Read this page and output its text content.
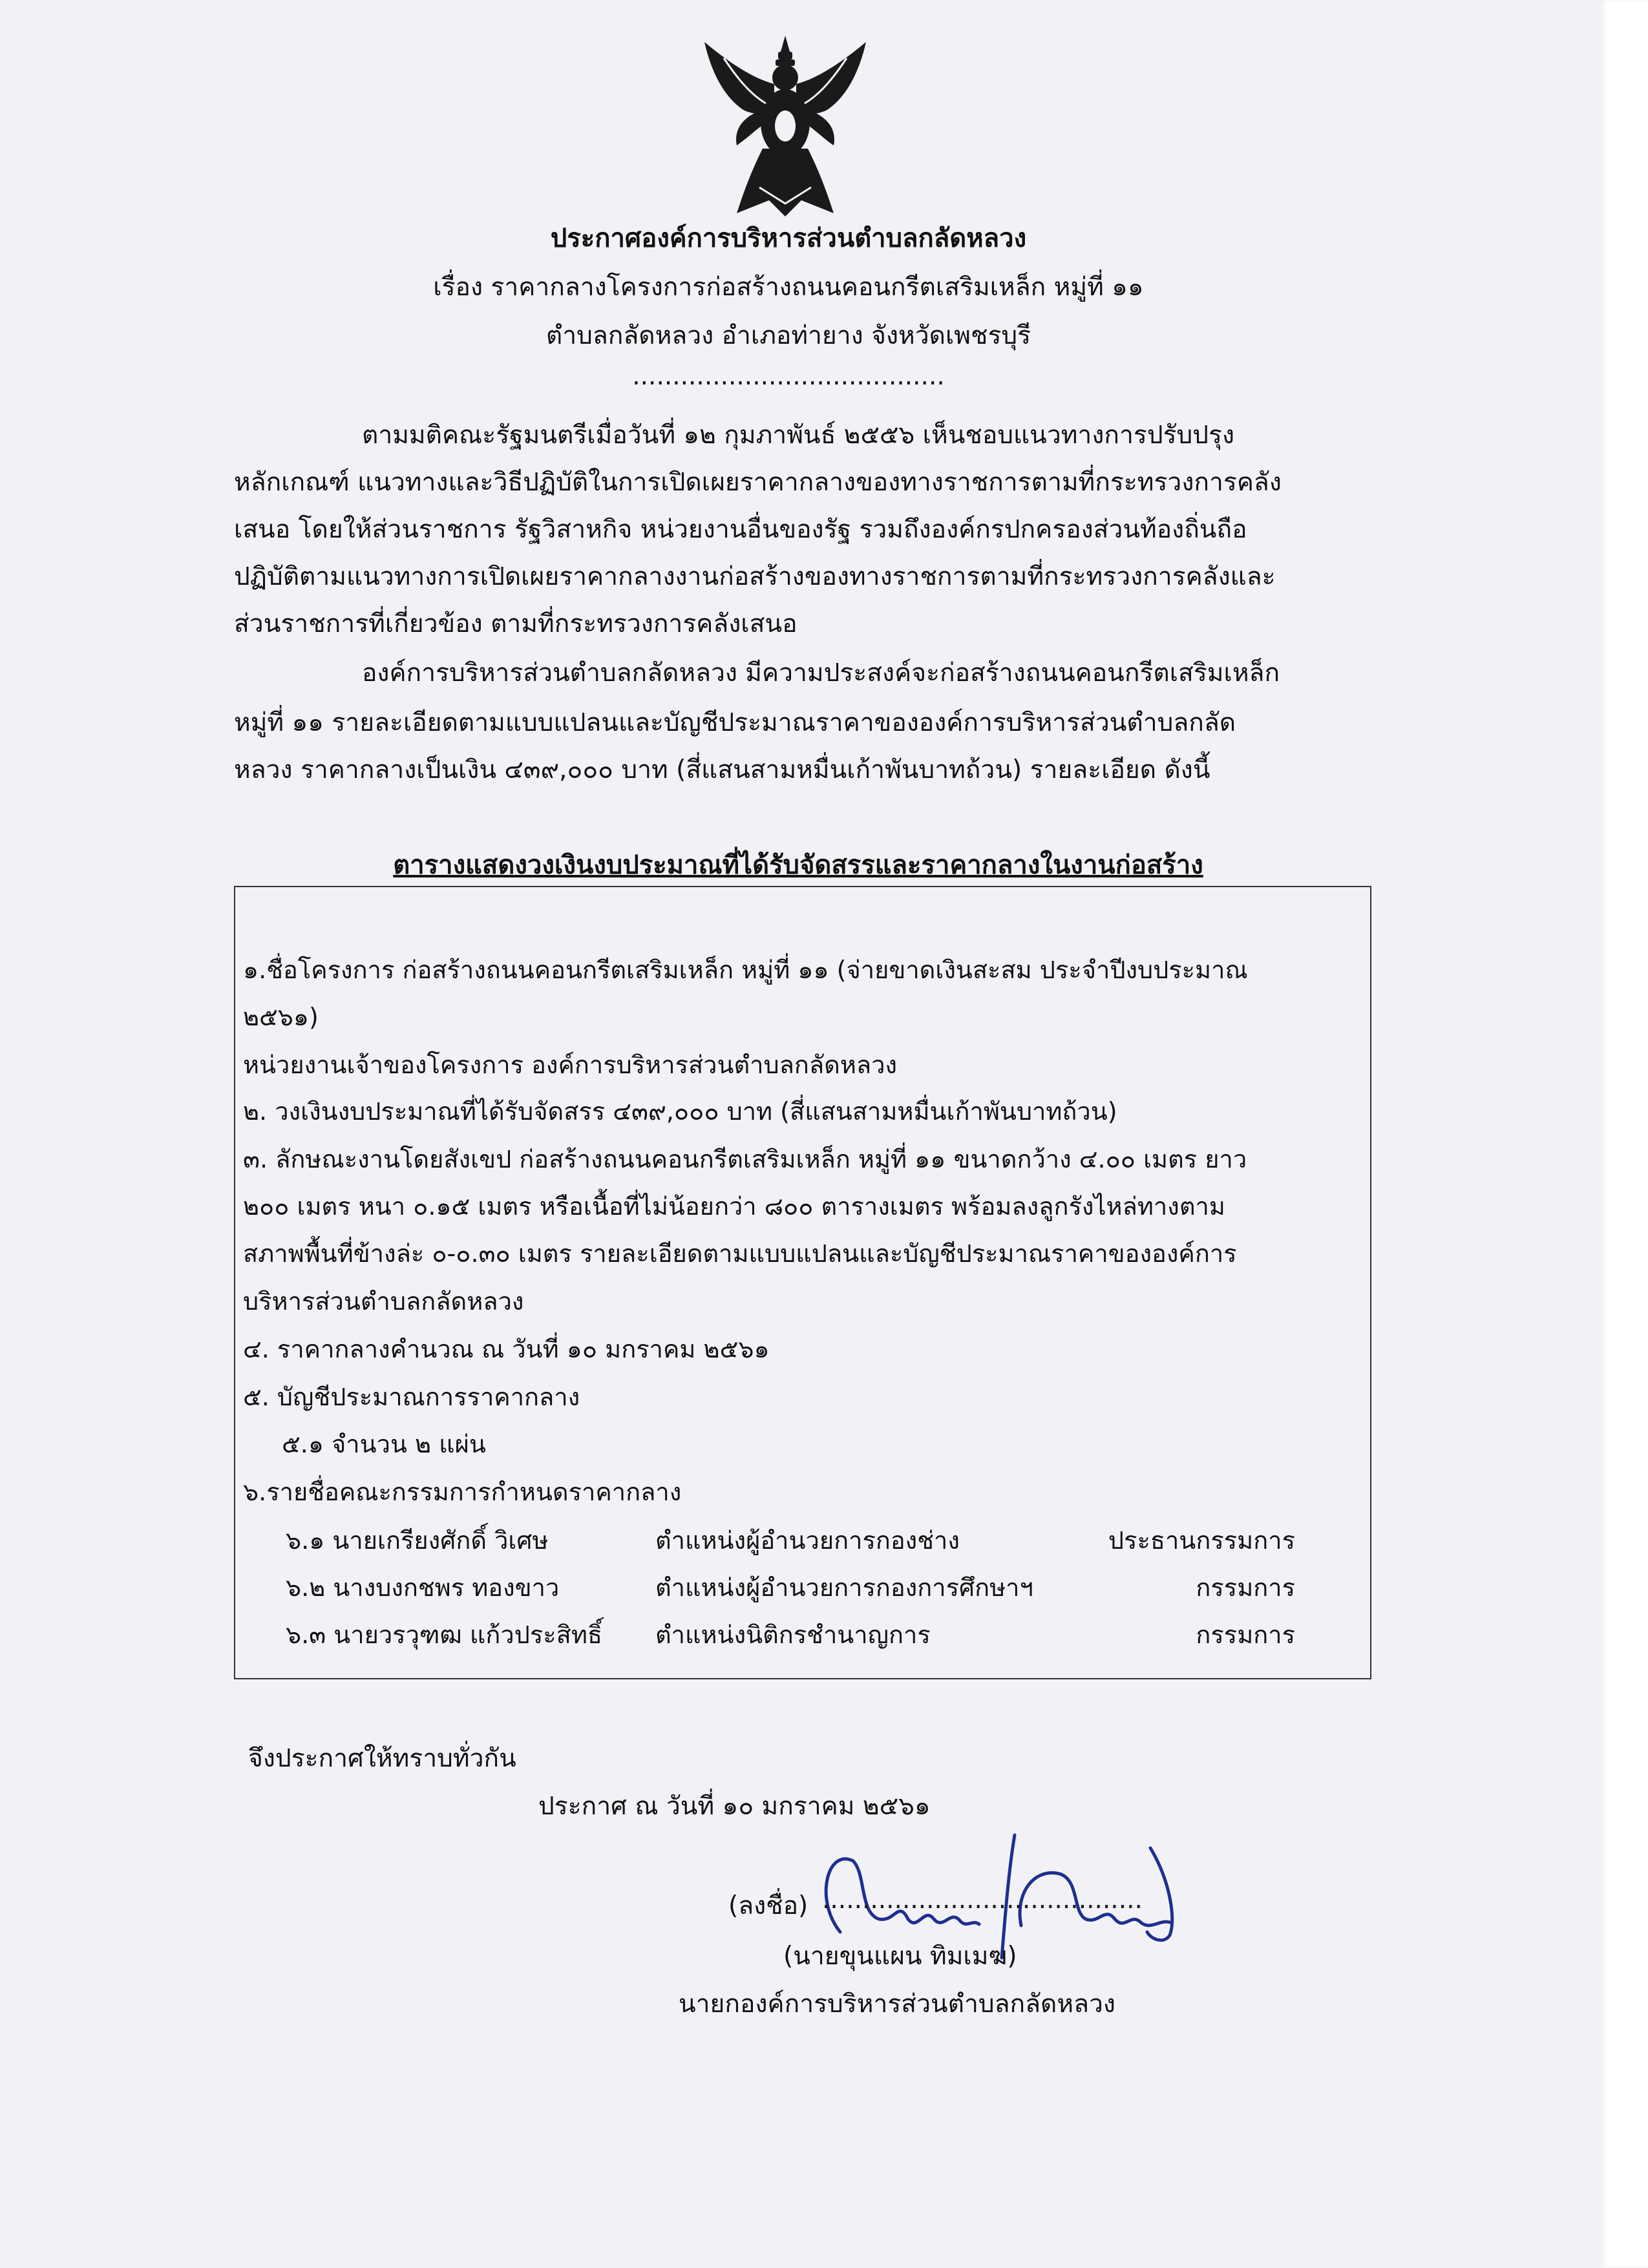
ประกาศองค์การบริหารส่วนตำบลกลัดหลวง
เรื่อง ราคากลางโครงการก่อสร้างถนนคอนกรีตเสริมเหล็ก หมู่ที่ ๑๑
ตำบลกลัดหลวง อำเภอท่ายาง จังหวัดเพชรบุรี
.......................................
ตามมติคณะรัฐมนตรีเมื่อวันที่ ๑๒ กุมภาพันธ์ ๒๕๕๖ เห็นชอบแนวทางการปรับปรุง
หลักเกณฑ์ แนวทางและวิธีปฏิบัติในการเปิดเผยราคากลางของทางราชการตามที่กระทรวงการคลัง
เสนอ โดยให้ส่วนราชการ รัฐวิสาหกิจ หน่วยงานอื่นของรัฐ รวมถึงองค์กรปกครองส่วนท้องถิ่นถือ
ปฏิบัติตามแนวทางการเปิดเผยราคากลางงานก่อสร้างของทางราชการตามที่กระทรวงการคลังและ
ส่วนราชการที่เกี่ยวข้อง ตามที่กระทรวงการคลังเสนอ
องค์การบริหารส่วนตำบลกลัดหลวง มีความประสงค์จะก่อสร้างถนนคอนกรีตเสริมเหล็ก
หมู่ที่ ๑๑ รายละเอียดตามแบบแปลนและบัญชีประมาณราคาขององค์การบริหารส่วนตำบลกลัด
หลวง ราคากลางเป็นเงิน ๔๓๙,๐๐๐ บาท (สี่แสนสามหมื่นเก้าพันบาทถ้วน) รายละเอียด ดังนี้
ตารางแสดงวงเงินงบประมาณที่ได้รับจัดสรรและราคากลางในงานก่อสร้าง
๑.ชื่อโครงการ ก่อสร้างถนนคอนกรีตเสริมเหล็ก หมู่ที่ ๑๑ (จ่ายขาดเงินสะสม ประจำปีงบประมาณ
๒๕๖๑)
หน่วยงานเจ้าของโครงการ องค์การบริหารส่วนตำบลกลัดหลวง
๒. วงเงินงบประมาณที่ได้รับจัดสรร ๔๓๙,๐๐๐ บาท (สี่แสนสามหมื่นเก้าพันบาทถ้วน)
๓. ลักษณะงานโดยสังเขป ก่อสร้างถนนคอนกรีตเสริมเหล็ก หมู่ที่ ๑๑ ขนาดกว้าง ๔.๐๐ เมตร ยาว
๒๐๐ เมตร หนา ๐.๑๕ เมตร หรือเนื้อที่ไม่น้อยกว่า ๘๐๐ ตารางเมตร พร้อมลงลูกรังไหล่ทางตาม
สภาพพื้นที่ข้างล่ะ ๐-๐.๓๐ เมตร รายละเอียดตามแบบแปลนและบัญชีประมาณราคาขององค์การ
บริหารส่วนตำบลกลัดหลวง
๔. ราคากลางคำนวณ ณ วันที่ ๑๐ มกราคม ๒๕๖๑
๕. บัญชีประมาณการราคากลาง
๕.๑ จำนวน ๒ แผ่น
๖.รายชื่อคณะกรรมการกำหนดราคากลาง
๖.๑ นายเกรียงศักดิ์ วิเศษ	ตำแหน่งผู้อำนวยการกองช่าง	ประธานกรรมการ
๖.๒ นางบงกชพร ทองขาว	ตำแหน่งผู้อำนวยการกองการศึกษาฯ	กรรมการ
๖.๓ นายวรวุฑฒ แก้วประสิทธิ์ ตำแหน่งนิติกรชำนาญการ	กรรมการ
จึงประกาศให้ทราบทั่วกัน
ประกาศ ณ วันที่ ๑๐ มกราคม ๒๕๖๑
(ลงชื่อ) ........................................
(นายขุนแผน ทิมเมฆ)
นายกองค์การบริหารส่วนตำบลกลัดหลวง
